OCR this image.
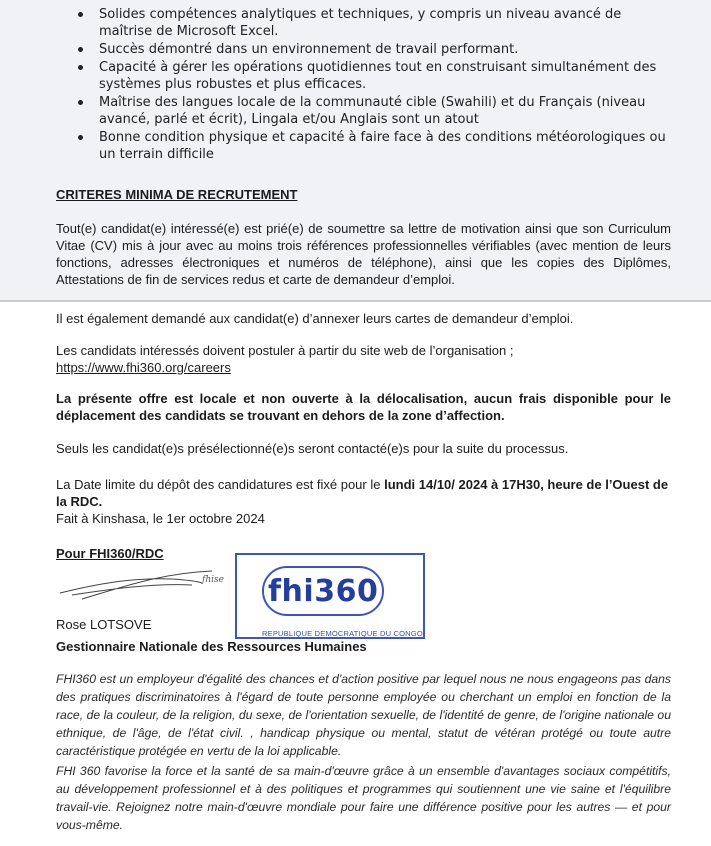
Solides compétences analytiques et techniques, y compris un niveau avancé de maîtrise de Microsoft Excel.
Succès démontré dans un environnement de travail performant.
Capacité à gérer les opérations quotidiennes tout en construisant simultanément des systèmes plus robustes et plus efficaces.
Maîtrise des langues locale de la communauté cible (Swahili) et du Français (niveau avancé, parlé et écrit), Lingala et/ou Anglais sont un atout
Bonne condition physique et capacité à faire face à des conditions météorologiques ou un terrain difficile
CRITERES MINIMA DE RECRUTEMENT
Tout(e) candidat(e) intéressé(e) est prié(e) de soumettre sa lettre de motivation ainsi que son Curriculum Vitae (CV) mis à jour avec au moins trois références professionnelles vérifiables (avec mention de leurs fonctions, adresses électroniques et numéros de téléphone), ainsi que les copies des Diplômes, Attestations de fin de services redus et carte de demandeur d’emploi.
Il est également demandé aux candidat(e) d’annexer leurs cartes de demandeur d’emploi.
Les candidats intéressés doivent postuler à partir du site web de l’organisation ;
https://www.fhi360.org/careers
La présente offre est locale et non ouverte à la délocalisation, aucun frais disponible pour le déplacement des candidats se trouvant en dehors de la zone d’affection.
Seuls les candidat(e)s présélectionné(e)s seront contacté(e)s pour la suite du processus.
La Date limite du dépôt des candidatures est fixé pour le lundi 14/10/ 2024 à 17H30, heure de l’Ouest de la RDC.
Fait à Kinshasa, le 1er octobre 2024
Pour FHI360/RDC
fhise fhi360
REPUBLIQUE DEMOCRATIQUE DU CONGO
Rose LOTSOVE
Gestionnaire Nationale des Ressources Humaines
FHI360 est un employeur d'égalité des chances et d'action positive par lequel nous ne nous engageons pas dans des pratiques discriminatoires à l'égard de toute personne employée ou cherchant un emploi en fonction de la race, de la couleur, de la religion, du sexe, de l'orientation sexuelle, de l'identité de genre, de l'origine nationale ou ethnique, de l'âge, de l'état civil. , handicap physique ou mental, statut de vétéran protégé ou toute autre caractéristique protégée en vertu de la loi applicable.
FHI 360 favorise la force et la santé de sa main-d'œuvre grâce à un ensemble d'avantages sociaux compétitifs, au développement professionnel et à des politiques et programmes qui soutiennent une vie saine et l'équilibre travail-vie. Rejoignez notre main-d'œuvre mondiale pour faire une différence positive pour les autres — et pour vous-même.
